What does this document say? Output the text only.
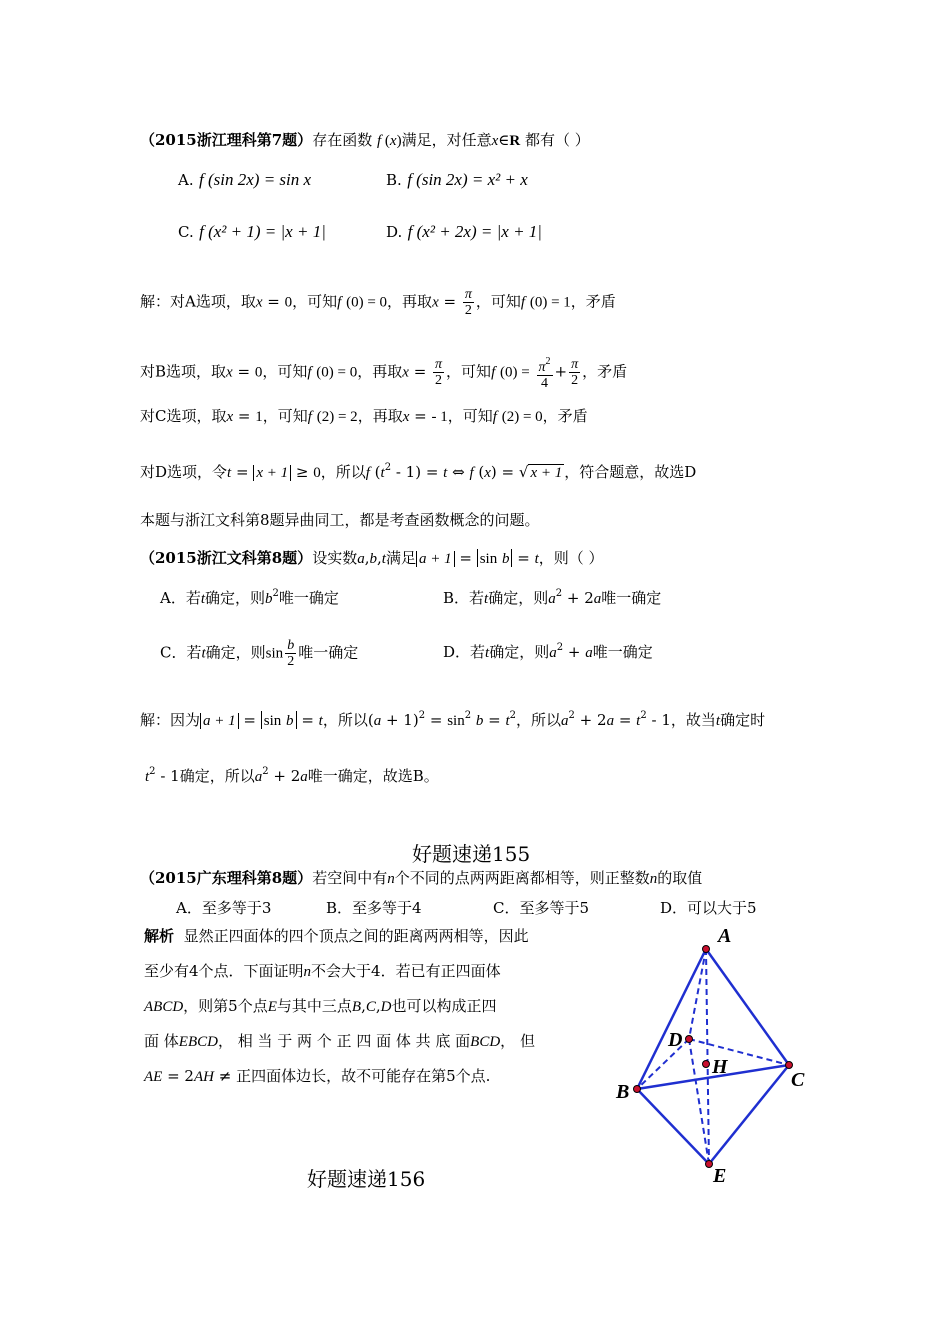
（2015浙江理科第7题）存在函数 f (x)满足，对任意x∈R 都有（ ）
A. f (sin 2x) = sin x	B. f (sin 2x) = x² + x
C. f (x² + 1) = |x + 1|	D. f (x² + 2x) = |x + 1|
解：对A选项，取x = 0，可知f (0) = 0，再取$x = \frac{\pi}{2}$ ，可知f (0) = 1，矛盾
对B选项，取x = 0，可知f (0) = 0，再取$x = \frac{\pi}{2}$ ，可知f $(0) = \frac{\pi^2}{4} + \frac{\pi}{2}$ ，矛盾
对C选项，取x = 1，可知f (2) = 2，再取x = - 1，可知f (2) = 0，矛盾
对D选项，令t = x + 1 ≥ 0，所以f $(t^2 - 1) = t$ ⇔ f (x) = √ x + 1 ，符合题意，故选D
本题与浙江文科第8题异曲同工，都是考查函数概念的问题。
（2015浙江文科第8题）设实数a,b,t满足 a + 1 = sin b = t，则（ ）
A．若t确定，则$b^2$唯一确定	B．若t确定，则$a^2 + 2a$唯一确定
C．若t确定，则$\sin \frac{b}{2}$ 唯一确定	D．若t确定，则$a^2 + a$唯一确定
解：因为 a + 1 = sin b = t，所以$(a + 1)^2 = \sin^2 b = t^2$，所以$a^2 + 2a = t^2 - 1$，故当t确定时
$t^2 - 1$确定，所以$a^2 + 2a$唯一确定，故选B。
好题速递155
（2015广东理科第8题）若空间中有n个不同的点两两距离都相等，则正整数n的取值
A．至多等于3	B．至多等于4	C．至多等于5	D．可以大于5
解析 显然正四面体的四个顶点之间的距离两两相等，因此
至少有4个点．下面证明n不会大于4．若已有正四面体
ABCD，则第5个点E与其中三点B,C,D也可以构成正四
面 体EBCD， 相 当 于 两 个 正 四 面 体 共 底 面BCD， 但
AE = 2AH ≠ 正四面体边长，故不可能存在第5个点.
A
D
H
B
C
E
好题速递156
